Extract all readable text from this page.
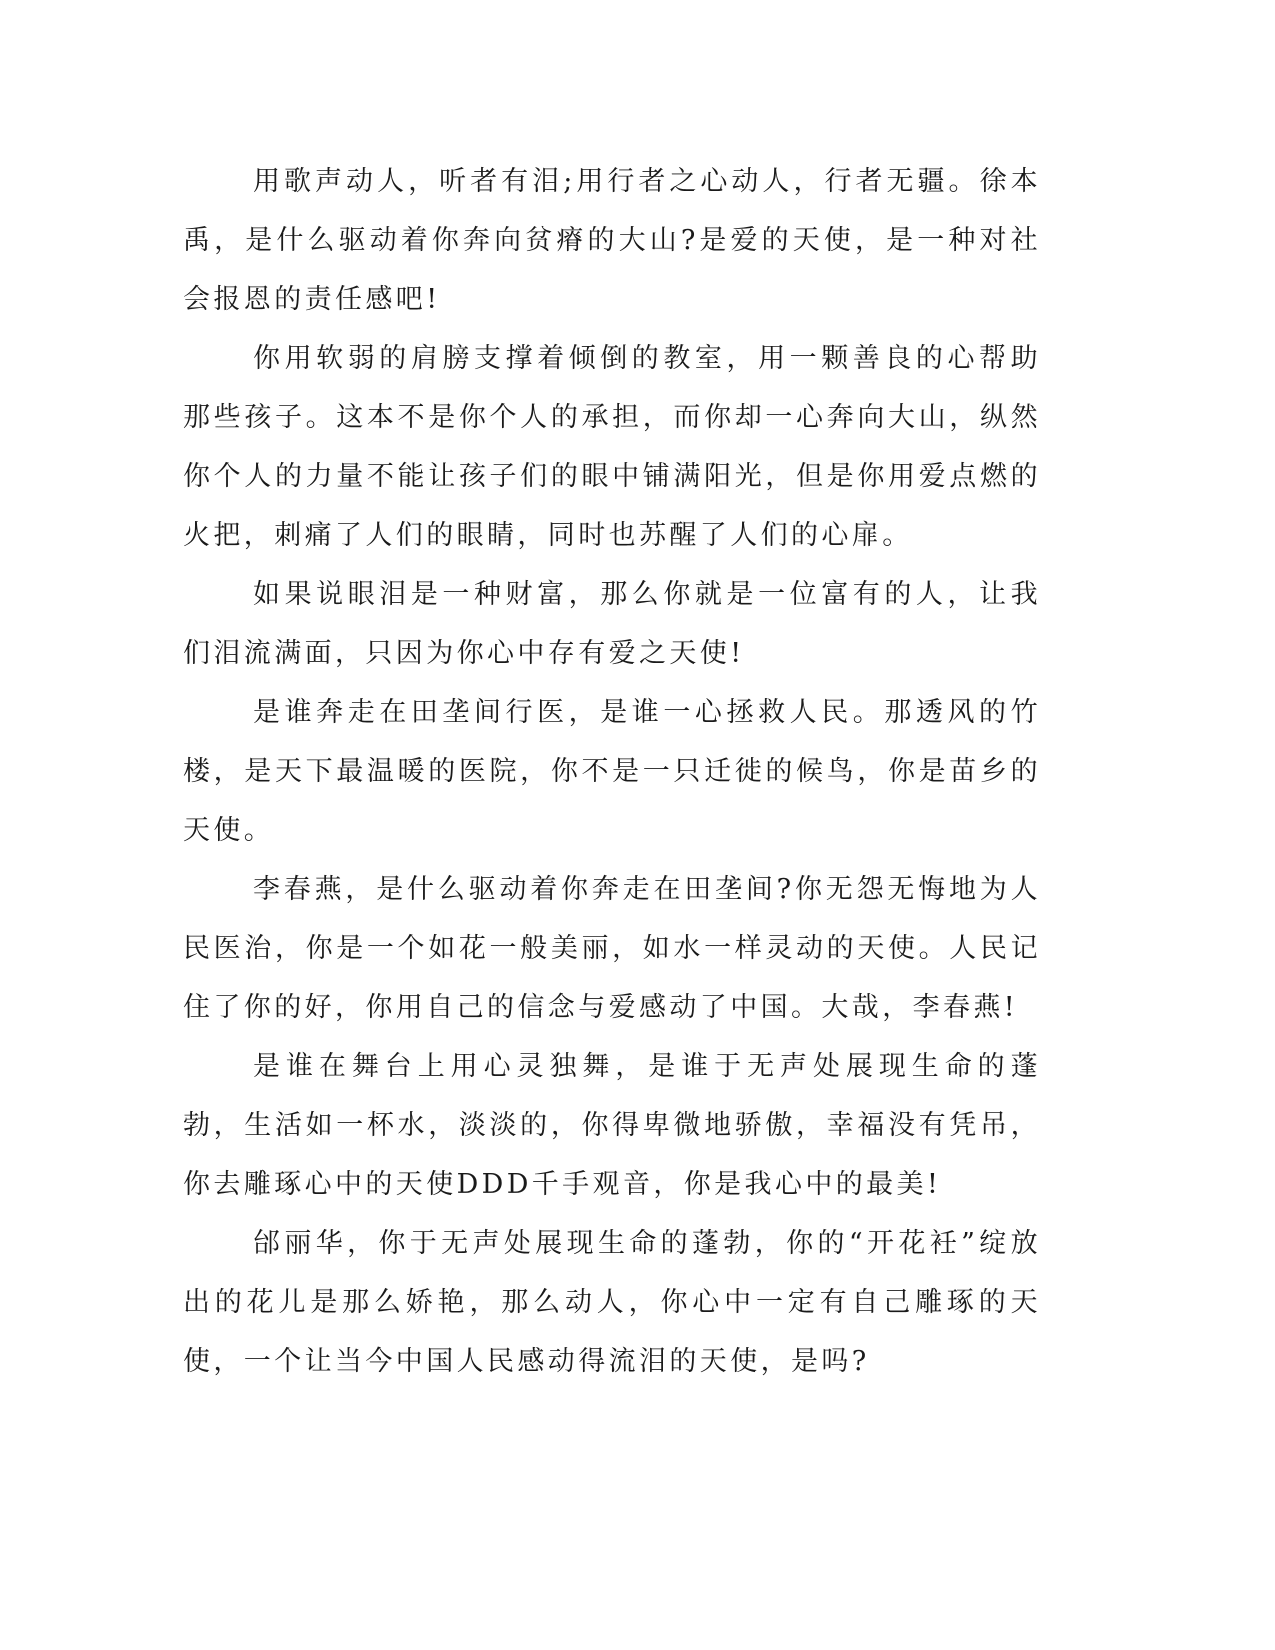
用歌声动人，听者有泪;用行者之心动人，行者无疆。徐本禹，是什么驱动着你奔向贫瘠的大山?是爱的天使，是一种对社会报恩的责任感吧!

你用软弱的肩膀支撑着倾倒的教室，用一颗善良的心帮助那些孩子。这本不是你个人的承担，而你却一心奔向大山，纵然你个人的力量不能让孩子们的眼中铺满阳光，但是你用爱点燃的火把，刺痛了人们的眼睛，同时也苏醒了人们的心扉。

如果说眼泪是一种财富，那么你就是一位富有的人，让我们泪流满面，只因为你心中存有爱之天使!

是谁奔走在田垄间行医，是谁一心拯救人民。那透风的竹楼，是天下最温暖的医院，你不是一只迁徙的候鸟，你是苗乡的天使。

李春燕，是什么驱动着你奔走在田垄间?你无怨无悔地为人民医治，你是一个如花一般美丽，如水一样灵动的天使。人民记住了你的好，你用自己的信念与爱感动了中国。大哉，李春燕!

是谁在舞台上用心灵独舞，是谁于无声处展现生命的蓬勃，生活如一杯水，淡淡的，你得卑微地骄傲，幸福没有凭吊，你去雕琢心中的天使DDD千手观音，你是我心中的最美!

邰丽华，你于无声处展现生命的蓬勃，你的“开花衽”绽放出的花儿是那么娇艳，那么动人，你心中一定有自己雕琢的天使，一个让当今中国人民感动得流泪的天使，是吗?
